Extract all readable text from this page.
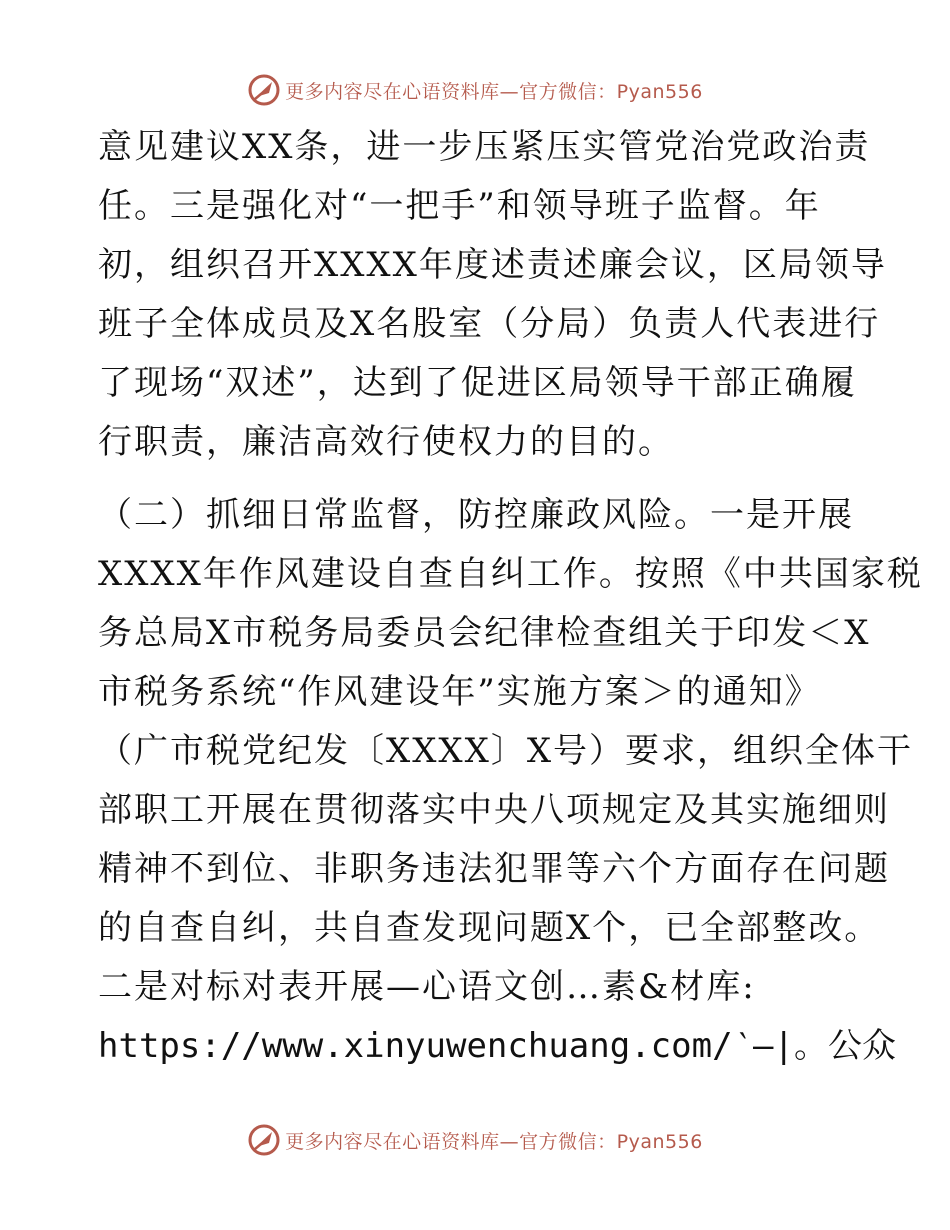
更多内容尽在心语资料库—官方微信：Pyan556
意见建议XX条，进一步压紧压实管党治党政治责
任。三是强化对“一把手”和领导班子监督。年
初，组织召开XXXX年度述责述廉会议，区局领导
班子全体成员及X名股室（分局）负责人代表进行
了现场“双述”，达到了促进区局领导干部正确履
行职责，廉洁高效行使权力的目的。
（二）抓细日常监督，防控廉政风险。一是开展
XXXX年作风建设自查自纠工作。按照《中共国家税
务总局X市税务局委员会纪律检查组关于印发＜X
市税务系统“作风建设年”实施方案＞的通知》
（广市税党纪发〔XXXX〕X号）要求，组织全体干
部职工开展在贯彻落实中央八项规定及其实施细则
精神不到位、非职务违法犯罪等六个方面存在问题
的自查自纠，共自查发现问题X个，已全部整改。
二是对标对表开展—心语文创…素&材库:
https://www.xinyuwenchuang.com/‵—|。公众
更多内容尽在心语资料库—官方微信：Pyan556
